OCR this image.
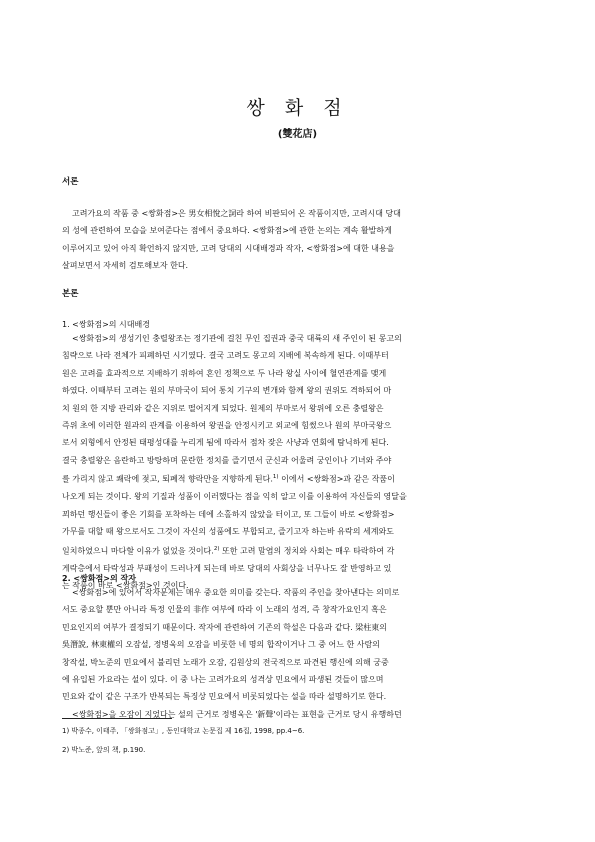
쌍 화 점
(雙花店)
서론
고려가요의 작품 중 <쌍화점>은 男女相悅之詞라 하여 비판되어 온 작품이지만, 고려시대 당대
의 성에 관련하여 모습을 보여준다는 점에서 중요하다. <쌍화점>에 관한 논의는 계속 활발하게
이루어지고 있어 아직 확언하지 않지만, 고려 당대의 시대배경과 작자, <쌍화점>에 대한 내용을
살펴보면서 자세히 검토해보자 한다.
본론
1. <쌍화점>의 시대배경
<쌍화점>의 생성기인 충렬왕조는 정기관에 걸친 무인 집권과 중국 대륙의 새 주인이 된 몽고의
침략으로 나라 전체가 피폐하던 시기였다. 결국 고려도 몽고의 지배에 복속하게 된다. 이때부터
원은 고려를 효과적으로 지배하기 위하여 혼인 정책으로 두 나라 왕실 사이에 혈연관계를 맺게
하였다. 이때부터 고려는 원의 부마국이 되어 통치 기구의 변개와 함께 왕의 권위도 격하되어 마
치 원의 한 지방 관리와 같은 지위로 떨어지게 되었다. 원제의 부마로서 왕위에 오른 충렬왕은
즉위 초에 이러한 원과의 관계를 이용하여 왕권을 안정시키고 외교에 힘썼으나 원의 부마국왕으
로서 외형에서 안정된 태평성대를 누리게 됨에 따라서 점차 잦은 사냥과 연회에 탐닉하게 된다.
결국 충렬왕은 음란하고 방탕하며 문란한 정치를 즐기면서 군신과 어울려 궁인이나 기녀와 주야
를 가리지 않고 쾌락에 젖고, 퇴폐적 향락만을 지향하게 된다.$^{1)}$ 이에서 <쌍화점>과 같은 작품이
나오게 되는 것이다. 왕의 기질과 성품이 이러했다는 점을 익히 알고 이를 이용하여 자신들의 영달을
꾀하던 행신들이 좋은 기회를 포착하는 데에 소홀하지 않았을 터이고, 또 그들이 바로 <쌍화점>
가무를 대할 때 왕으로서도 그것이 자신의 성품에도 부합되고, 즐기고자 하는바 유락의 세계와도
일치하였으니 마다할 이유가 없었을 것이다.$^{2)}$ 또한 고려 말엽의 정치와 사회는 매우 타락하여 각
게락층에서 타락성과 부패성이 드러나게 되는데 바로 당대의 사회상을 너무나도 잘 반영하고 있
는 작품이 바로 <쌍화점>인 것이다.
2. <쌍화점>의 작자
<쌍화점>에 있어서 작자문제는 매우 중요한 의미를 갖는다. 작품의 주인을 찾아낸다는 의미로
서도 중요할 뿐만 아니라 특정 인물의 非作 여부에 따라 이 노래의 성격, 즉 창작가요인지 혹은
민요인지의 여부가 결정되기 때문이다. 작자에 관련하여 기존의 학설은 다음과 같다. 梁柱東의
吳潛說, 林東權의 오잠설, 정병욱의 오잠을 비롯한 네 명의 합작이거나 그 중 어느 한 사람의
창작설, 박노준의 민요에서 불리던 노래가 오잠, 김원상의 전국적으로 파견된 행신에 의해 궁중
에 유입된 가요라는 설이 있다. 이 중 나는 고려가요의 성격상 민요에서 파생된 것들이 많으며
민요와 같이 같은 구조가 반복되는 특징상 민요에서 비롯되었다는 설을 따라 설명하기로 한다.
<쌍화점>을 오잠이 지었다는 설의 근거로 정병욱은 '新聲'이라는 표현을 근거로 당시 유행하던
1) 박종수, 이태주, 「쌍화점고」, 동인대학교 논문집 제 16집, 1998, pp.4~6.
2) 박노준, 앞의 책, p.190.
